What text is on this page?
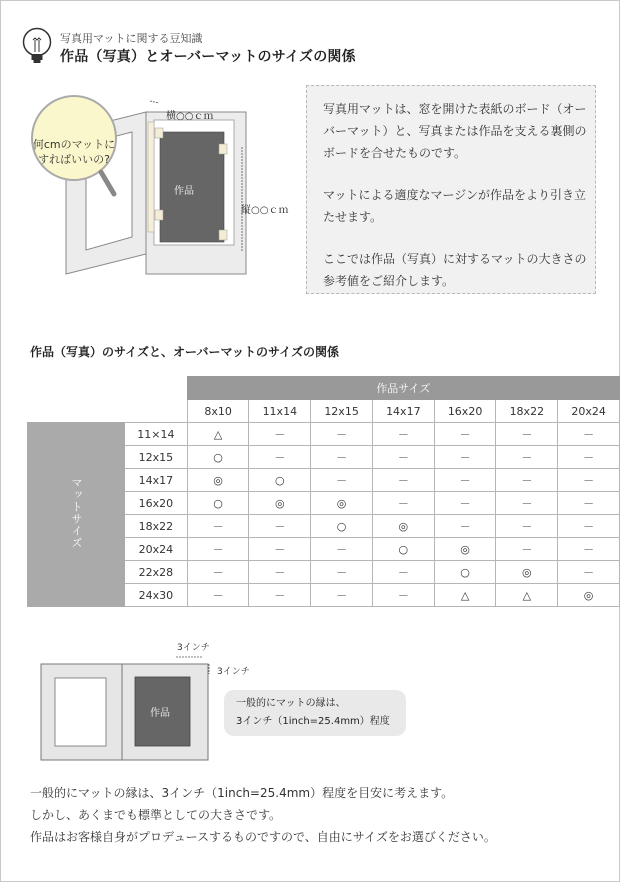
写真用マットに関する豆知識
作品（写真）とオーバーマットのサイズの関係
何cmのマットに
すればいいの?
横○○ｃｍ
縦○○ｃｍ
作品

写真用マットは、窓を開けた表紙のボード（オーバーマット）と、写真または作品を支える裏側のボードを合せたものです。

マットによる適度なマージンが作品をより引き立たせます。

ここでは作品（写真）に対するマットの大きさの参考値をご紹介します。

作品（写真）のサイズと、オーバーマットのサイズの関係
		作品サイズ						
		8x10	11x14	12x15	14x17	16x20	18x22	20x24
マットサイズ	11×14	△	－	－	－	－	－	－
	12x15	○	－	－	－	－	－	－
	14x17	◎	○	－	－	－	－	－
	16x20	○	◎	◎	－	－	－	－
	18x22	－	－	○	◎	－	－	－
	20x24	－	－	－	○	◎	－	－
	22x28	－	－	－	－	○	◎	－
	24x30	－	－	－	－	△	△	◎
3インチ
3インチ
作品
一般的にマットの縁は、
3インチ（1inch=25.4mm）程度
一般的にマットの縁は、3インチ（1inch=25.4mm）程度を目安に考えます。
しかし、あくまでも標準としての大きさです。
作品はお客様自身がプロデュースするものですので、自由にサイズをお選びください。
